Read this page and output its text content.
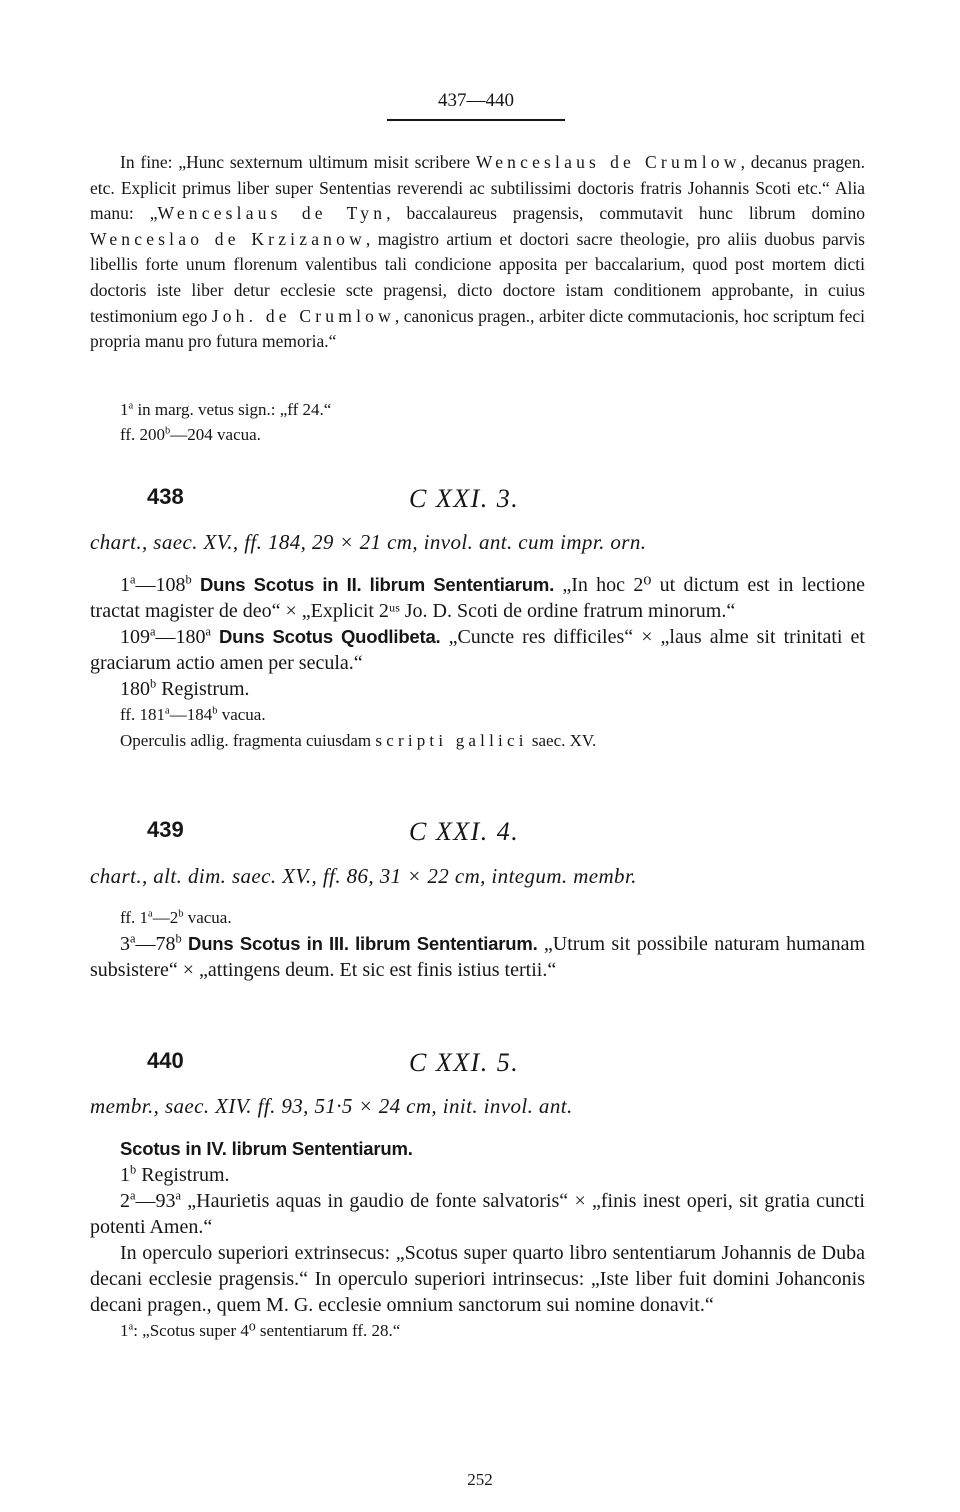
437—440

In fine: „Hunc sexternum ultimum misit scribere Wenceslaus de Crumlow, decanus pragen. etc. Explicit primus liber super Sententias reverendi ac subtilissimi doctoris fratris Johannis Scoti etc.“ Alia manu: „Wenceslaus de Tyn, baccalaureus pragensis, commutavit hunc librum domino Wenceslao de Krzizanow, magistro artium et doctori sacre theologie, pro aliis duobus parvis libellis forte unum florenum valentibus tali condicione apposita per baccalarium, quod post mortem dicti doctoris iste liber detur ecclesie scte pragensi, dicto doctore istam conditionem approbante, in cuius testimonium ego Joh. de Crumlow, canonicus pragen., arbiter dicte commutacionis, hoc scriptum feci propria manu pro futura memoria.“

1$^a$ in marg. vetus sign.: „ff 24.“
ff. 200$^b$—204 vacua.
438	C XXI. 3.
chart., saec. XV., ff. 184, 29 × 21 cm, invol. ant. cum impr. orn.

1$^a$—108$^b$ Duns Scotus in II. librum Sententiarum. „In hoc 2⁰ ut dictum est in lectione tractat magister de deo“ × „Explicit 2ᵘˢ Jo. D. Scoti de ordine fratrum minorum.“

109$^a$—180$^a$ Duns Scotus Quodlibeta. „Cuncte res difficiles“ × „laus alme sit trinitati et graciarum actio amen per secula.“

180$^b$ Registrum.

ff. 181$^a$—184$^b$ vacua.

Operculis adlig. fragmenta cuiusdam scripti gallici saec. XV.

439	C XXI. 4.
chart., alt. dim. saec. XV., ff. 86, 31 × 22 cm, integum. membr.

ff. 1$^a$—2$^b$ vacua.

3$^a$—78$^b$ Duns Scotus in III. librum Sententiarum. „Utrum sit possibile naturam humanam subsistere“ × „attingens deum. Et sic est finis istius tertii.“

440	C XXI. 5.
membr., saec. XIV. ff. 93, 51·5 × 24 cm, init. invol. ant.

Scotus in IV. librum Sententiarum.

1$^b$ Registrum.

2$^a$—93$^a$ „Haurietis aquas in gaudio de fonte salvatoris“ × „finis inest operi, sit gratia cuncti potenti Amen.“

In operculo superiori extrinsecus: „Scotus super quarto libro sententiarum Johannis de Duba decani ecclesie pragensis.“ In operculo superiori intrinsecus: „Iste liber fuit domini Johanconis decani pragen., quem M. G. ecclesie omnium sanctorum sui nomine donavit.“

1$^a$: „Scotus super 4⁰ sententiarum ff. 28.“

252
